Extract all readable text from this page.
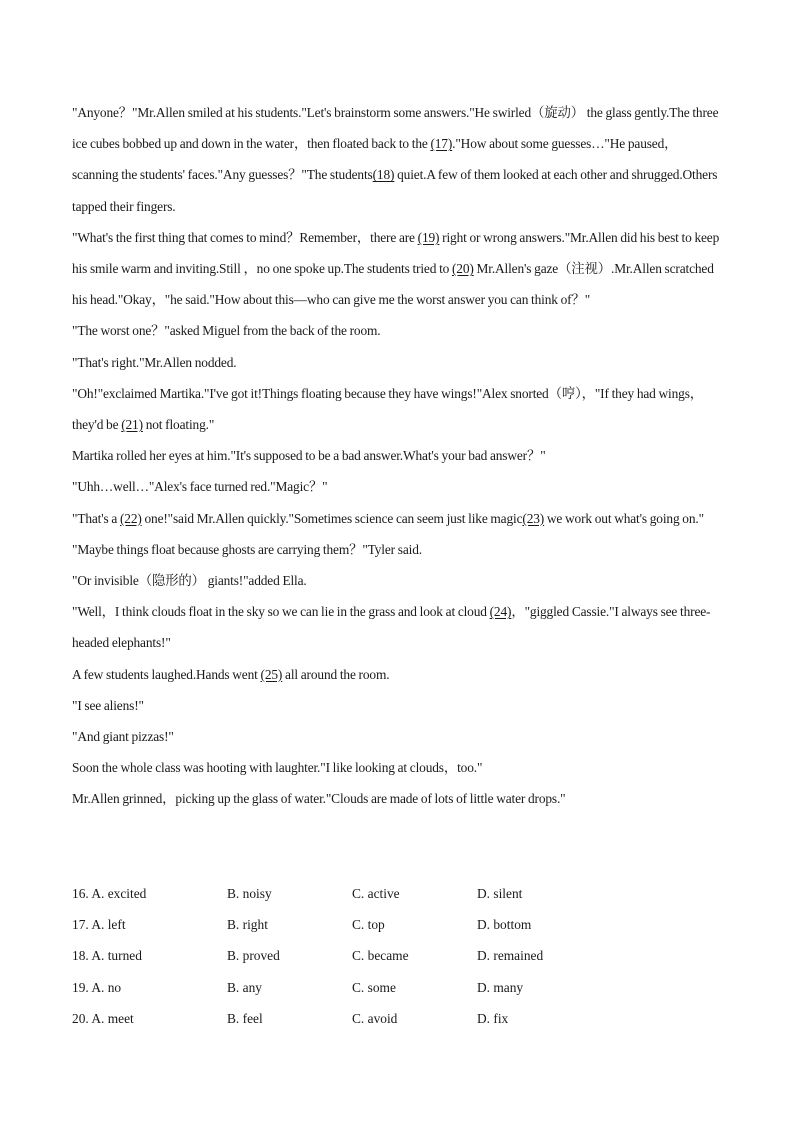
"Anyone？"Mr.Allen smiled at his students."Let's brainstorm some answers."He swirled（旋动） the glass gently.The three ice cubes bobbed up and down in the water，then floated back to the (17)."How about some guesses…"He paused，scanning the students' faces."Any guesses？"The students(18) quiet.A few of them looked at each other and shrugged.Others tapped their fingers.

"What's the first thing that comes to mind？Remember，there are (19) right or wrong answers."Mr.Allen did his best to keep his smile warm and inviting.Still ，no one spoke up.The students tried to (20) Mr.Allen's gaze（注视）.Mr.Allen scratched his head."Okay，"he said."How about this—who can give me the worst answer you can think of？"

"The worst one？"asked Miguel from the back of the room.

"That's right."Mr.Allen nodded.

"Oh!"exclaimed Martika."I've got it!Things floating because they have wings!"Alex snorted（哼），"If they had wings，they'd be (21) not floating."

Martika rolled her eyes at him."It's supposed to be a bad answer.What's your bad answer？"

"Uhh…well…"Alex's face turned red."Magic？"

"That's a (22) one!"said Mr.Allen quickly."Sometimes science can seem just like magic(23) we work out what's going on."

"Maybe things float because ghosts are carrying them？"Tyler said.

"Or invisible（隐形的） giants!"added Ella.

"Well，I think clouds float in the sky so we can lie in the grass and look at cloud (24)，"giggled Cassie."I always see three-headed elephants!"

A few students laughed.Hands went (25) all around the room.

"I see aliens!"

"And giant pizzas!"

Soon the whole class was hooting with laughter."I like looking at clouds，too."

Mr.Allen grinned，picking up the glass of water."Clouds are made of lots of little water drops."

16. A. excited	B. noisy	C. active	D. silent
17. A. left	B. right	C. top	D. bottom
18. A. turned	B. proved	C. became	D. remained
19. A. no	B. any	C. some	D. many
20. A. meet	B. feel	C. avoid	D. fix
